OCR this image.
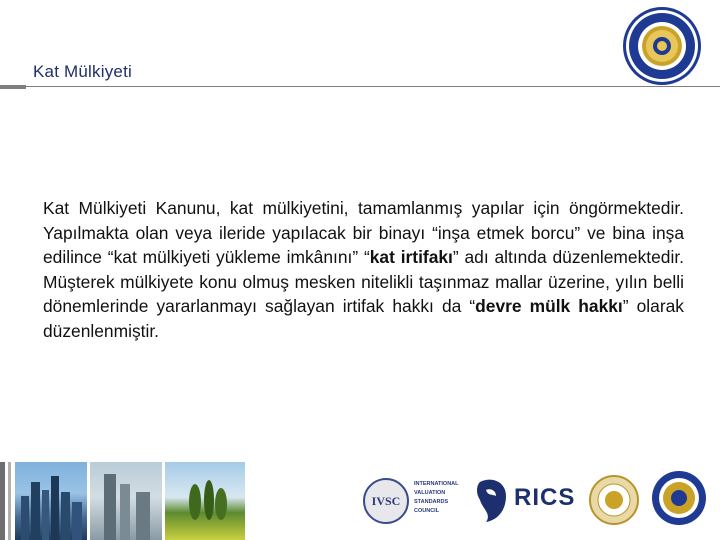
Kat Mülkiyeti
Kat Mülkiyeti Kanunu, kat mülkiyetini, tamamlanmış yapılar için öngörmektedir. Yapılmakta olan veya ileride yapılacak bir binayı “inşa etmek borcu” ve bina inşa edilince “kat mülkiyeti yükleme imkânını” “kat irtifakı” adı altında düzenlemektedir. Müşterek mülkiyete konu olmuş mesken nitelikli taşınmaz mallar üzerine, yılın belli dönemlerinde yararlanmayı sağlayan irtifak hakkı da “devre mülk hakkı” olarak düzenlenmiştir.
IVSC
INTERNATIONAL
VALUATION
STANDARDS
COUNCIL	RICS
